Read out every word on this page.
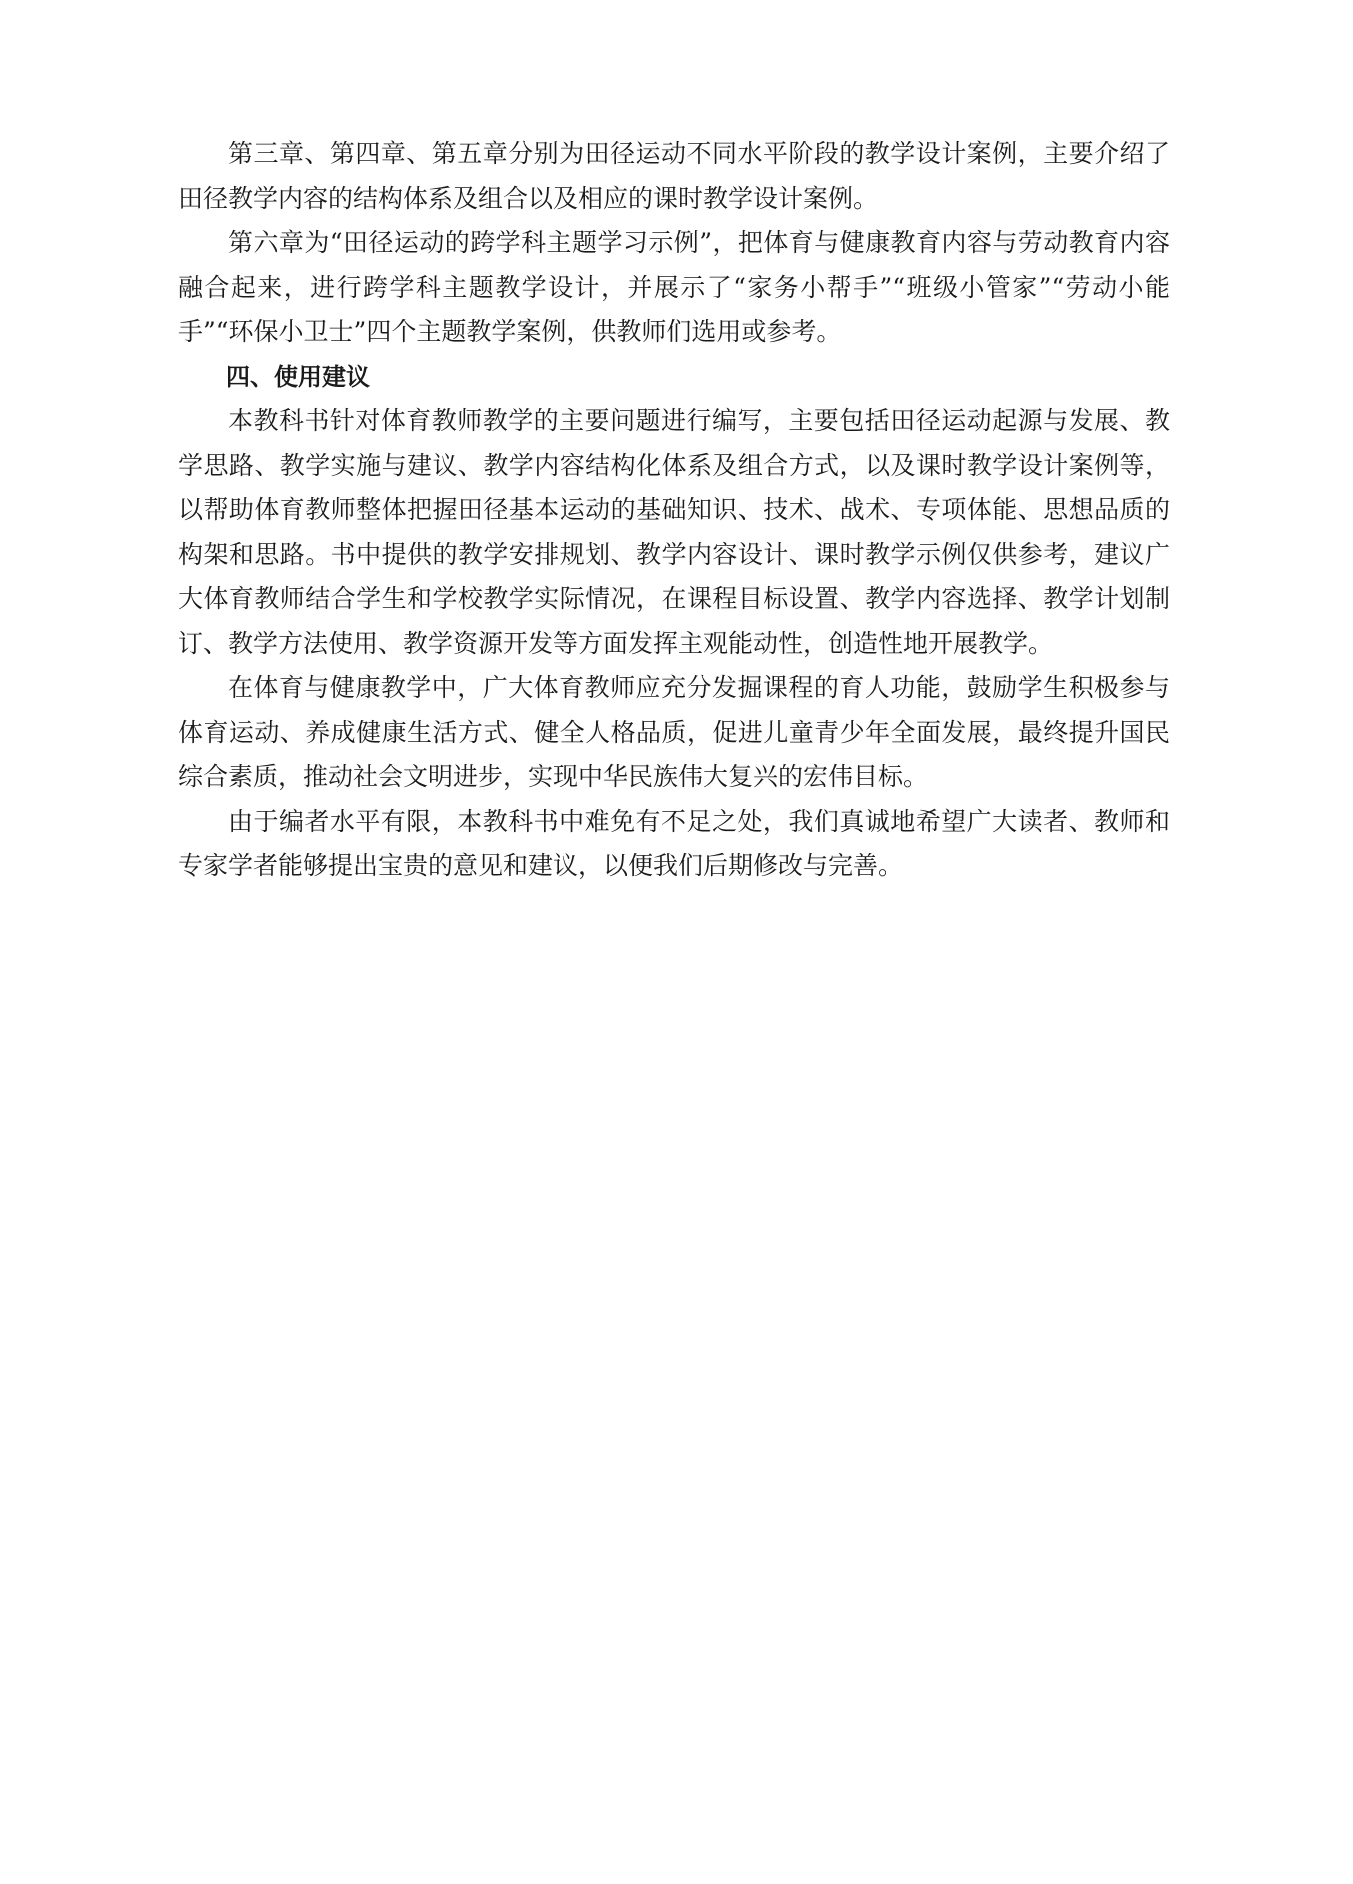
第三章、第四章、第五章分别为田径运动不同水平阶段的教学设计案例，主要介绍了田径教学内容的结构体系及组合以及相应的课时教学设计案例。

第六章为“田径运动的跨学科主题学习示例”，把体育与健康教育内容与劳动教育内容融合起来，进行跨学科主题教学设计，并展示了“家务小帮手”“班级小管家”“劳动小能手”“环保小卫士”四个主题教学案例，供教师们选用或参考。

四、使用建议

本教科书针对体育教师教学的主要问题进行编写，主要包括田径运动起源与发展、教学思路、教学实施与建议、教学内容结构化体系及组合方式，以及课时教学设计案例等，以帮助体育教师整体把握田径基本运动的基础知识、技术、战术、专项体能、思想品质的构架和思路。书中提供的教学安排规划、教学内容设计、课时教学示例仅供参考，建议广大体育教师结合学生和学校教学实际情况，在课程目标设置、教学内容选择、教学计划制订、教学方法使用、教学资源开发等方面发挥主观能动性，创造性地开展教学。

在体育与健康教学中，广大体育教师应充分发掘课程的育人功能，鼓励学生积极参与体育运动、养成健康生活方式、健全人格品质，促进儿童青少年全面发展，最终提升国民综合素质，推动社会文明进步，实现中华民族伟大复兴的宏伟目标。

由于编者水平有限，本教科书中难免有不足之处，我们真诚地希望广大读者、教师和专家学者能够提出宝贵的意见和建议，以便我们后期修改与完善。
